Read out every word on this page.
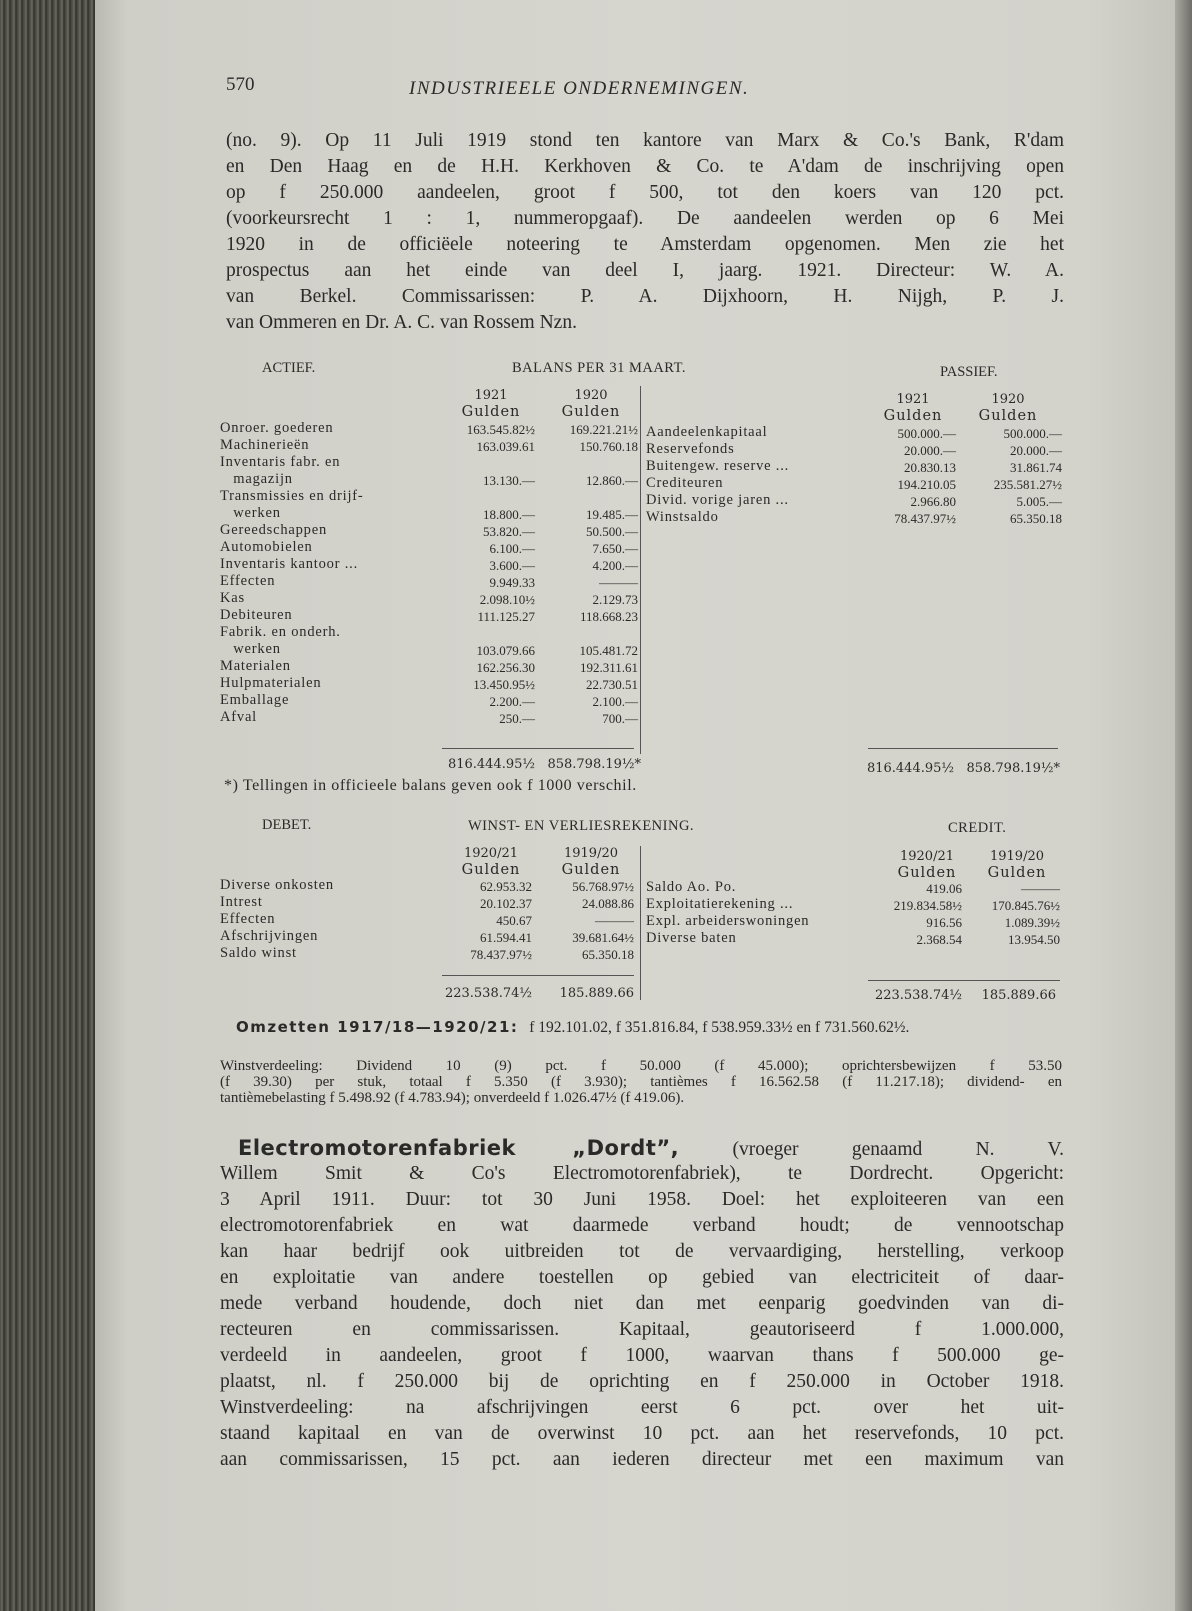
570	INDUSTRIEELE ONDERNEMINGEN.
(no. 9). Op 11 Juli 1919 stond ten kantore van Marx & Co.'s Bank, R'dam
en Den Haag en de H.H. Kerkhoven & Co. te A'dam de inschrijving open
op f 250.000 aandeelen, groot f 500, tot den koers van 120 pct.
(voorkeursrecht 1 : 1, nummeropgaaf). De aandeelen werden op 6 Mei
1920 in de officiëele noteering te Amsterdam opgenomen. Men zie het
prospectus aan het einde van deel I, jaarg. 1921. Directeur: W. A.
van Berkel. Commissarissen: P. A. Dijxhoorn, H. Nijgh, P. J.
van Ommeren en Dr. A. C. van Rossem Nzn.
ACTIEF.	BALANS PER 31 MAART.	PASSIEF.
1921	1920
Gulden	Gulden
1921	1920
Gulden	Gulden
Onroer. goederen	163.545.82½	169.221.21½
Machinerieën	163.039.61	150.760.18
Inventaris fabr. en
magazijn	13.130.—	12.860.—
Transmissies en drijf-
werken	18.800.—	19.485.—
Gereedschappen	53.820.—	50.500.—
Automobielen	6.100.—	7.650.—
Inventaris kantoor ...	3.600.—	4.200.—
Effecten	9.949.33	———
Kas	2.098.10½	2.129.73
Debiteuren	111.125.27	118.668.23
Fabrik. en onderh.
werken	103.079.66	105.481.72
Materialen	162.256.30	192.311.61
Hulpmaterialen	13.450.95½	22.730.51
Emballage	2.200.—	2.100.—
Afval	250.—	700.—
Aandeelenkapitaal	500.000.—	500.000.—
Reservefonds	20.000.—	20.000.—
Buitengew. reserve ...	20.830.13	31.861.74
Crediteuren	194.210.05	235.581.27½
Divid. vorige jaren ...	2.966.80	5.005.—
Winstsaldo	78.437.97½	65.350.18
816.444.95½ 858.798.19½*	816.444.95½ 858.798.19½*
*) Tellingen in officieele balans geven ook f 1000 verschil.
DEBET.	WINST- EN VERLIESREKENING.	CREDIT.
1920/21	1919/20
Gulden	Gulden
1920/21	1919/20
Gulden	Gulden
Diverse onkosten	62.953.32	56.768.97½
Intrest	20.102.37	24.088.86
Effecten	450.67	———
Afschrijvingen	61.594.41	39.681.64½
Saldo winst	78.437.97½	65.350.18
Saldo Ao. Po.	419.06	———
Exploitatierekening ...	219.834.58½	170.845.76½
Expl. arbeiderswoningen	916.56	1.089.39½
Diverse baten	2.368.54	13.954.50
223.538.74½	185.889.66	223.538.74½	185.889.66
Omzetten 1917/18—1920/21: f 192.101.02, f 351.816.84, f 538.959.33½ en f 731.560.62½.
Winstverdeeling: Dividend 10 (9) pct. f 50.000 (f 45.000); oprichtersbewijzen f 53.50
(f 39.30) per stuk, totaal f 5.350 (f 3.930); tantièmes f 16.562.58 (f 11.217.18); dividend- en
tantièmebelasting f 5.498.92 (f 4.783.94); onverdeeld f 1.026.47½ (f 419.06).
Electromotorenfabriek „Dordt”,	(vroeger genaamd N. V.
Willem Smit & Co's Electromotorenfabriek), te Dordrecht. Opgericht:
3 April 1911. Duur: tot 30 Juni 1958. Doel: het exploiteeren van een
electromotorenfabriek en wat daarmede verband houdt; de vennootschap
kan haar bedrijf ook uitbreiden tot de vervaardiging, herstelling, verkoop
en exploitatie van andere toestellen op gebied van electriciteit of daar-
mede verband houdende, doch niet dan met eenparig goedvinden van di-
recteuren en commissarissen. Kapitaal, geautoriseerd f 1.000.000,
verdeeld in aandeelen, groot f 1000, waarvan thans f 500.000 ge-
plaatst, nl. f 250.000 bij de oprichting en f 250.000 in October 1918.
Winstverdeeling: na afschrijvingen eerst 6 pct. over het uit-
staand kapitaal en van de overwinst 10 pct. aan het reservefonds, 10 pct.
aan commissarissen, 15 pct. aan iederen directeur met een maximum van
